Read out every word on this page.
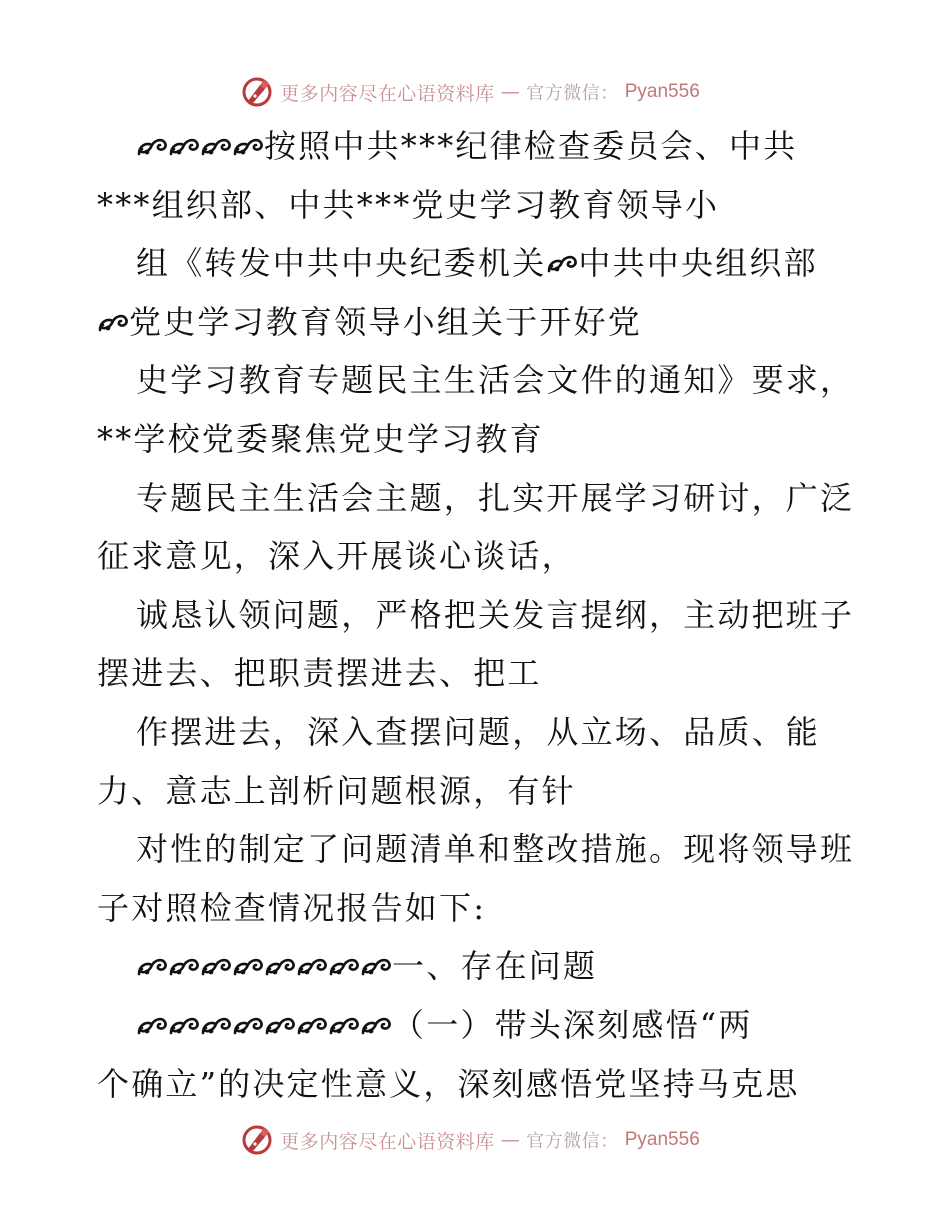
更多内容尽在心语资料库 — 官方微信： Pyan556
按照中共***纪律检查委员会、中共
***组织部、中共***党史学习教育领导小
组《转发中共中央纪委机关 中共中央组织部
党史学习教育领导小组关于开好党
史学习教育专题民主生活会文件的通知》要求，
**学校党委聚焦党史学习教育
专题民主生活会主题，扎实开展学习研讨，广泛
征求意见，深入开展谈心谈话，
诚恳认领问题，严格把关发言提纲，主动把班子
摆进去、把职责摆进去、把工
作摆进去，深入查摆问题，从立场、品质、能
力、意志上剖析问题根源，有针
对性的制定了问题清单和整改措施。现将领导班
子对照检查情况报告如下:
一、存在问题
（一）带头深刻感悟“两
个确立”的决定性意义，深刻感悟党坚持马克思
更多内容尽在心语资料库 — 官方微信： Pyan556
